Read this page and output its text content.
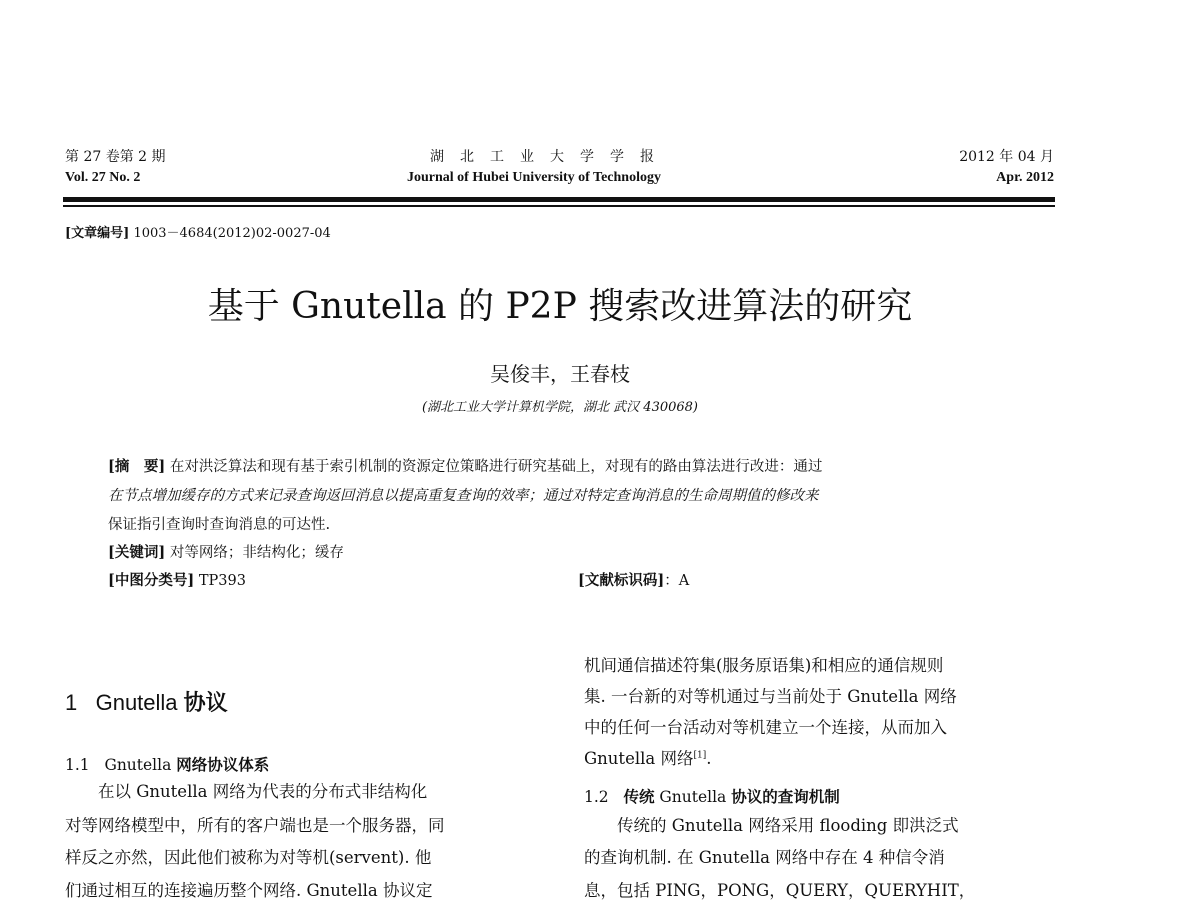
第 27 卷第 2 期
Vol. 27 No. 2
湖　北　工　业　大　学　学　报
Journal of Hubei University of Technology
2012 年 04 月
Apr. 2012
[文章编号] 1003－4684(2012)02-0027-04
基于 Gnutella 的 P2P 搜索改进算法的研究
吴俊丰，王春枝
(湖北工业大学计算机学院，湖北 武汉 430068)
[摘　要] 在对洪泛算法和现有基于索引机制的资源定位策略进行研究基础上，对现有的路由算法进行改进：通过
在节点增加缓存的方式来记录查询返回消息以提高重复查询的效率；通过对特定查询消息的生命周期值的修改来
保证指引查询时查询消息的可达性.
[关键词] 对等网络；非结构化；缓存
[中图分类号] TP393	[文献标识码]：A
1 Gnutella 协议
1.1 Gnutella 网络协议体系
　　在以 Gnutella 网络为代表的分布式非结构化
对等网络模型中，所有的客户端也是一个服务器，同
样反之亦然，因此他们被称为对等机(servent). 他
们通过相互的连接遍历整个网络. Gnutella 协议定
机间通信描述符集(服务原语集)和相应的通信规则
集. 一台新的对等机通过与当前处于 Gnutella 网络
中的任何一台活动对等机建立一个连接，从而加入
Gnutella 网络[1].
1.2 传统 Gnutella 协议的查询机制
　　传统的 Gnutella 网络采用 flooding 即洪泛式
的查询机制. 在 Gnutella 网络中存在 4 种信令消
息，包括 PING，PONG，QUERY，QUERYHIT，
